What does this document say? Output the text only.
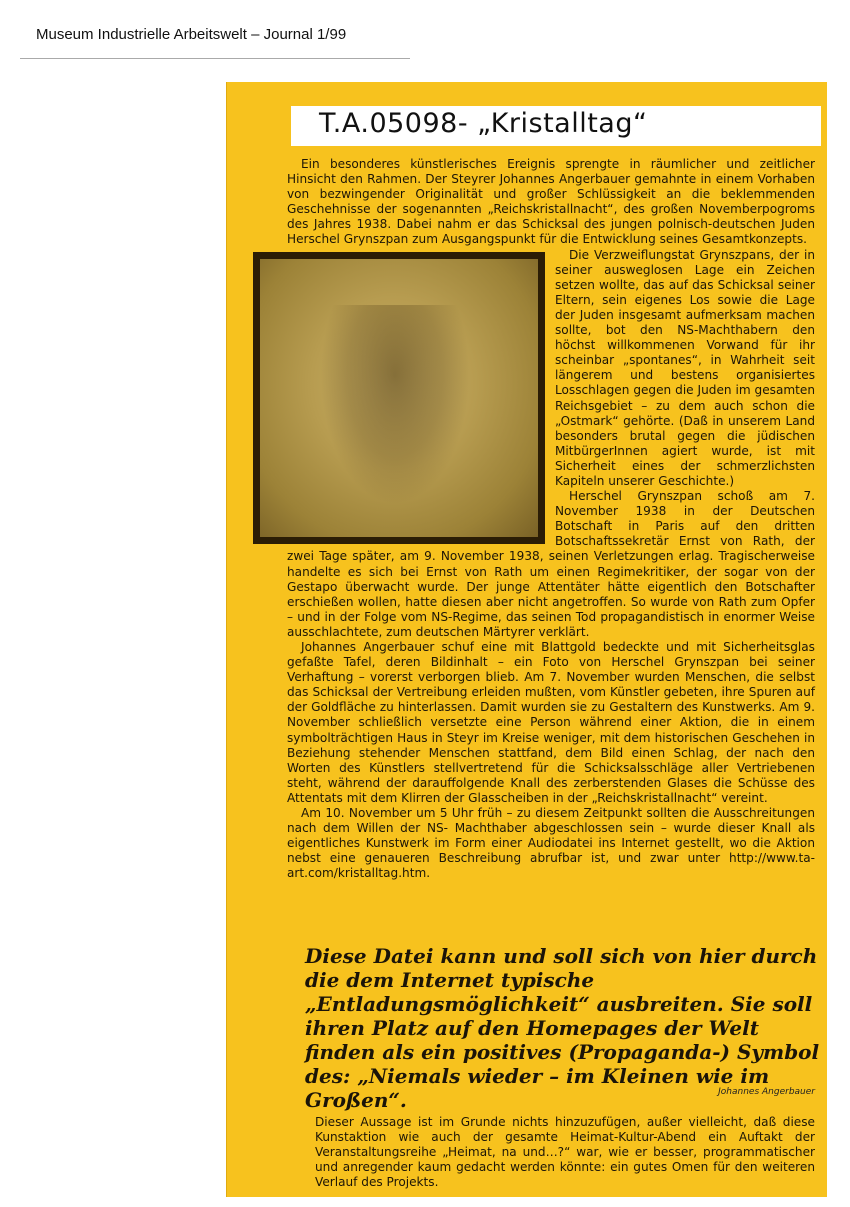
Museum Industrielle Arbeitswelt – Journal 1/99
T.A.05098- „Kristalltag“

Ein besonderes künstlerisches Ereignis sprengte in räumlicher und zeitlicher Hinsicht den Rahmen. Der Steyrer Johannes Angerbauer gemahnte in einem Vorhaben von bezwingender Originalität und großer Schlüssigkeit an die beklemmenden Geschehnisse der sogenannten „Reichskristallnacht“, des großen Novemberpogroms des Jahres 1938. Dabei nahm er das Schicksal des jungen polnisch-deutschen Juden Herschel Grynszpan zum Ausgangspunkt für die Entwicklung seines Gesamtkonzepts.

Die Verzweiflungstat Grynszpans, der in seiner ausweglosen Lage ein Zeichen setzen wollte, das auf das Schicksal seiner Eltern, sein eigenes Los sowie die Lage der Juden insgesamt aufmerksam machen sollte, bot den NS-Machthabern den höchst willkommenen Vorwand für ihr scheinbar „spontanes“, in Wahrheit seit längerem und bestens organisiertes Losschlagen gegen die Juden im gesamten Reichsgebiet – zu dem auch schon die „Ostmark“ gehörte. (Daß in unserem Land besonders brutal gegen die jüdischen MitbürgerInnen agiert wurde, ist mit Sicherheit eines der schmerzlichsten Kapiteln unserer Geschichte.)

Herschel Grynszpan schoß am 7. November 1938 in der Deutschen Botschaft in Paris auf den dritten Botschaftssekretär Ernst von Rath, der zwei Tage später, am 9. November 1938, seinen Verletzungen erlag. Tragischerweise handelte es sich bei Ernst von Rath um einen Regimekritiker, der sogar von der Gestapo überwacht wurde. Der junge Attentäter hätte eigentlich den Botschafter erschießen wollen, hatte diesen aber nicht angetroffen. So wurde von Rath zum Opfer – und in der Folge vom NS-Regime, das seinen Tod propagandistisch in enormer Weise ausschlachtete, zum deutschen Märtyrer verklärt.

Johannes Angerbauer schuf eine mit Blattgold bedeckte und mit Sicherheitsglas gefaßte Tafel, deren Bildinhalt – ein Foto von Herschel Grynszpan bei seiner Verhaftung – vorerst verborgen blieb. Am 7. November wurden Menschen, die selbst das Schicksal der Vertreibung erleiden mußten, vom Künstler gebeten, ihre Spuren auf der Goldfläche zu hinterlassen. Damit wurden sie zu Gestaltern des Kunstwerks. Am 9. November schließlich versetzte eine Person während einer Aktion, die in einem symbolträchtigen Haus in Steyr im Kreise weniger, mit dem historischen Geschehen in Beziehung stehender Menschen stattfand, dem Bild einen Schlag, der nach den Worten des Künstlers stellvertretend für die Schicksalsschläge aller Vertriebenen steht, während der darauffolgende Knall des zerberstenden Glases die Schüsse des Attentats mit dem Klirren der Glasscheiben in der „Reichskristallnacht“ vereint.

Am 10. November um 5 Uhr früh – zu diesem Zeitpunkt sollten die Ausschreitungen nach dem Willen der NS- Machthaber abgeschlossen sein – wurde dieser Knall als eigentliches Kunstwerk im Form einer Audiodatei ins Internet gestellt, wo die Aktion nebst eine genaueren Beschreibung abrufbar ist, und zwar unter http://www.ta-art.com/kristalltag.htm.

Diese Datei kann und soll sich von hier durch die dem Internet typische „Entladungsmöglichkeit“ ausbreiten. Sie soll ihren Platz auf den Homepages der Welt finden als ein positives (Propaganda-) Symbol des: „Niemals wieder – im Kleinen wie im Großen“.	Johannes Angerbauer
Dieser Aussage ist im Grunde nichts hinzuzufügen, außer vielleicht, daß diese Kunstaktion wie auch der gesamte Heimat-Kultur-Abend ein Auftakt der Veranstaltungsreihe „Heimat, na und…?“ war, wie er besser, programmatischer und anregender kaum gedacht werden könnte: ein gutes Omen für den weiteren Verlauf des Projekts.
